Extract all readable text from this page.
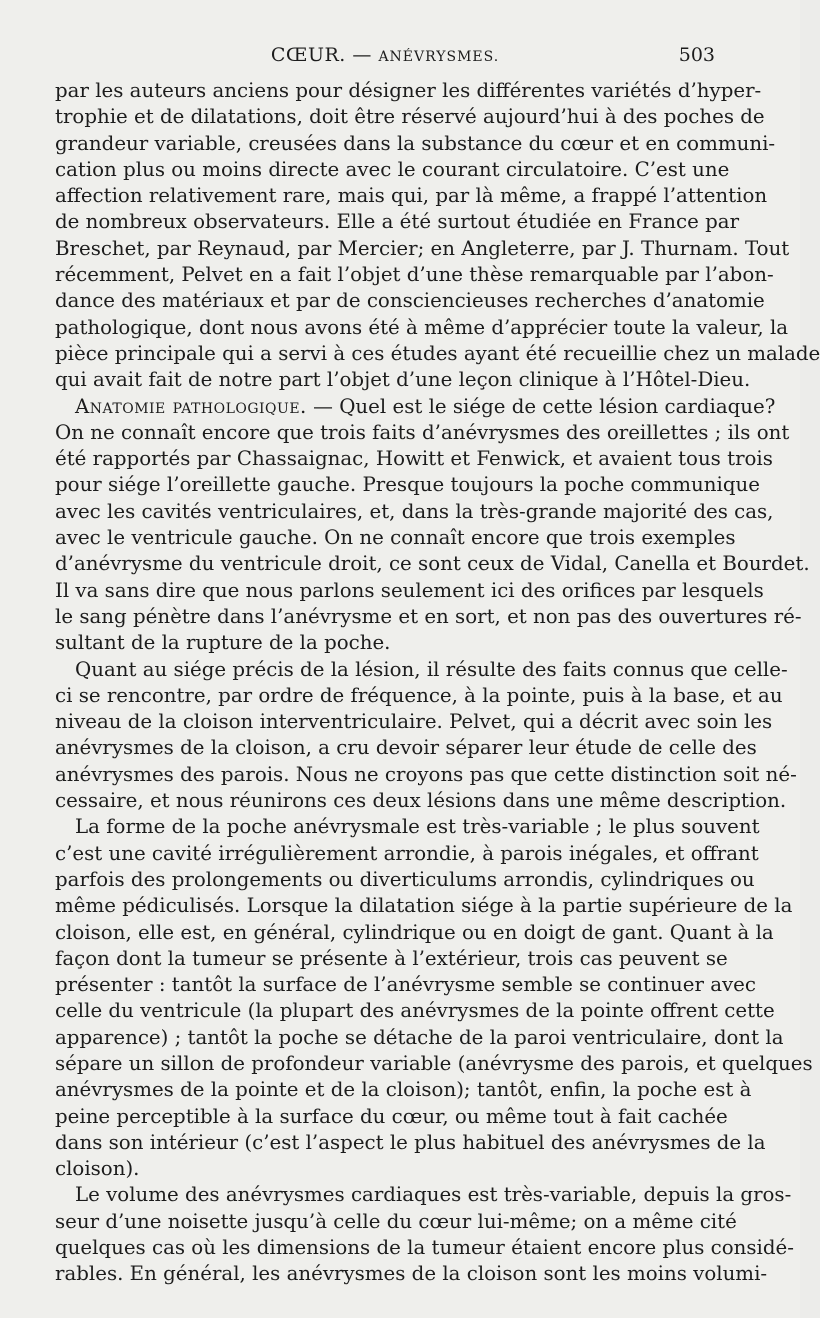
CŒUR. — ANÉVRYSMES.	503
par les auteurs anciens pour désigner les différentes variétés d’hyper-
trophie et de dilatations, doit être réservé aujourd’hui à des poches de
grandeur variable, creusées dans la substance du cœur et en communi-
cation plus ou moins directe avec le courant circulatoire. C’est une
affection relativement rare, mais qui, par là même, a frappé l’attention
de nombreux observateurs. Elle a été surtout étudiée en France par
Breschet, par Reynaud, par Mercier; en Angleterre, par J. Thurnam. Tout
récemment, Pelvet en a fait l’objet d’une thèse remarquable par l’abon-
dance des matériaux et par de consciencieuses recherches d’anatomie
pathologique, dont nous avons été à même d’apprécier toute la valeur, la
pièce principale qui a servi à ces études ayant été recueillie chez un malade
qui avait fait de notre part l’objet d’une leçon clinique à l’Hôtel-Dieu.
Anatomie pathologique. — Quel est le siége de cette lésion cardiaque?
On ne connaît encore que trois faits d’anévrysmes des oreillettes ; ils ont
été rapportés par Chassaignac, Howitt et Fenwick, et avaient tous trois
pour siége l’oreillette gauche. Presque toujours la poche communique
avec les cavités ventriculaires, et, dans la très-grande majorité des cas,
avec le ventricule gauche. On ne connaît encore que trois exemples
d’anévrysme du ventricule droit, ce sont ceux de Vidal, Canella et Bourdet.
Il va sans dire que nous parlons seulement ici des orifices par lesquels
le sang pénètre dans l’anévrysme et en sort, et non pas des ouvertures ré-
sultant de la rupture de la poche.
Quant au siége précis de la lésion, il résulte des faits connus que celle-
ci se rencontre, par ordre de fréquence, à la pointe, puis à la base, et au
niveau de la cloison interventriculaire. Pelvet, qui a décrit avec soin les
anévrysmes de la cloison, a cru devoir séparer leur étude de celle des
anévrysmes des parois. Nous ne croyons pas que cette distinction soit né-
cessaire, et nous réunirons ces deux lésions dans une même description.
La forme de la poche anévrysmale est très-variable ; le plus souvent
c’est une cavité irrégulièrement arrondie, à parois inégales, et offrant
parfois des prolongements ou diverticulums arrondis, cylindriques ou
même pédiculisés. Lorsque la dilatation siége à la partie supérieure de la
cloison, elle est, en général, cylindrique ou en doigt de gant. Quant à la
façon dont la tumeur se présente à l’extérieur, trois cas peuvent se
présenter : tantôt la surface de l’anévrysme semble se continuer avec
celle du ventricule (la plupart des anévrysmes de la pointe offrent cette
apparence) ; tantôt la poche se détache de la paroi ventriculaire, dont la
sépare un sillon de profondeur variable (anévrysme des parois, et quelques
anévrysmes de la pointe et de la cloison); tantôt, enfin, la poche est à
peine perceptible à la surface du cœur, ou même tout à fait cachée
dans son intérieur (c’est l’aspect le plus habituel des anévrysmes de la
cloison).
Le volume des anévrysmes cardiaques est très-variable, depuis la gros-
seur d’une noisette jusqu’à celle du cœur lui-même; on a même cité
quelques cas où les dimensions de la tumeur étaient encore plus considé-
rables. En général, les anévrysmes de la cloison sont les moins volumi-
